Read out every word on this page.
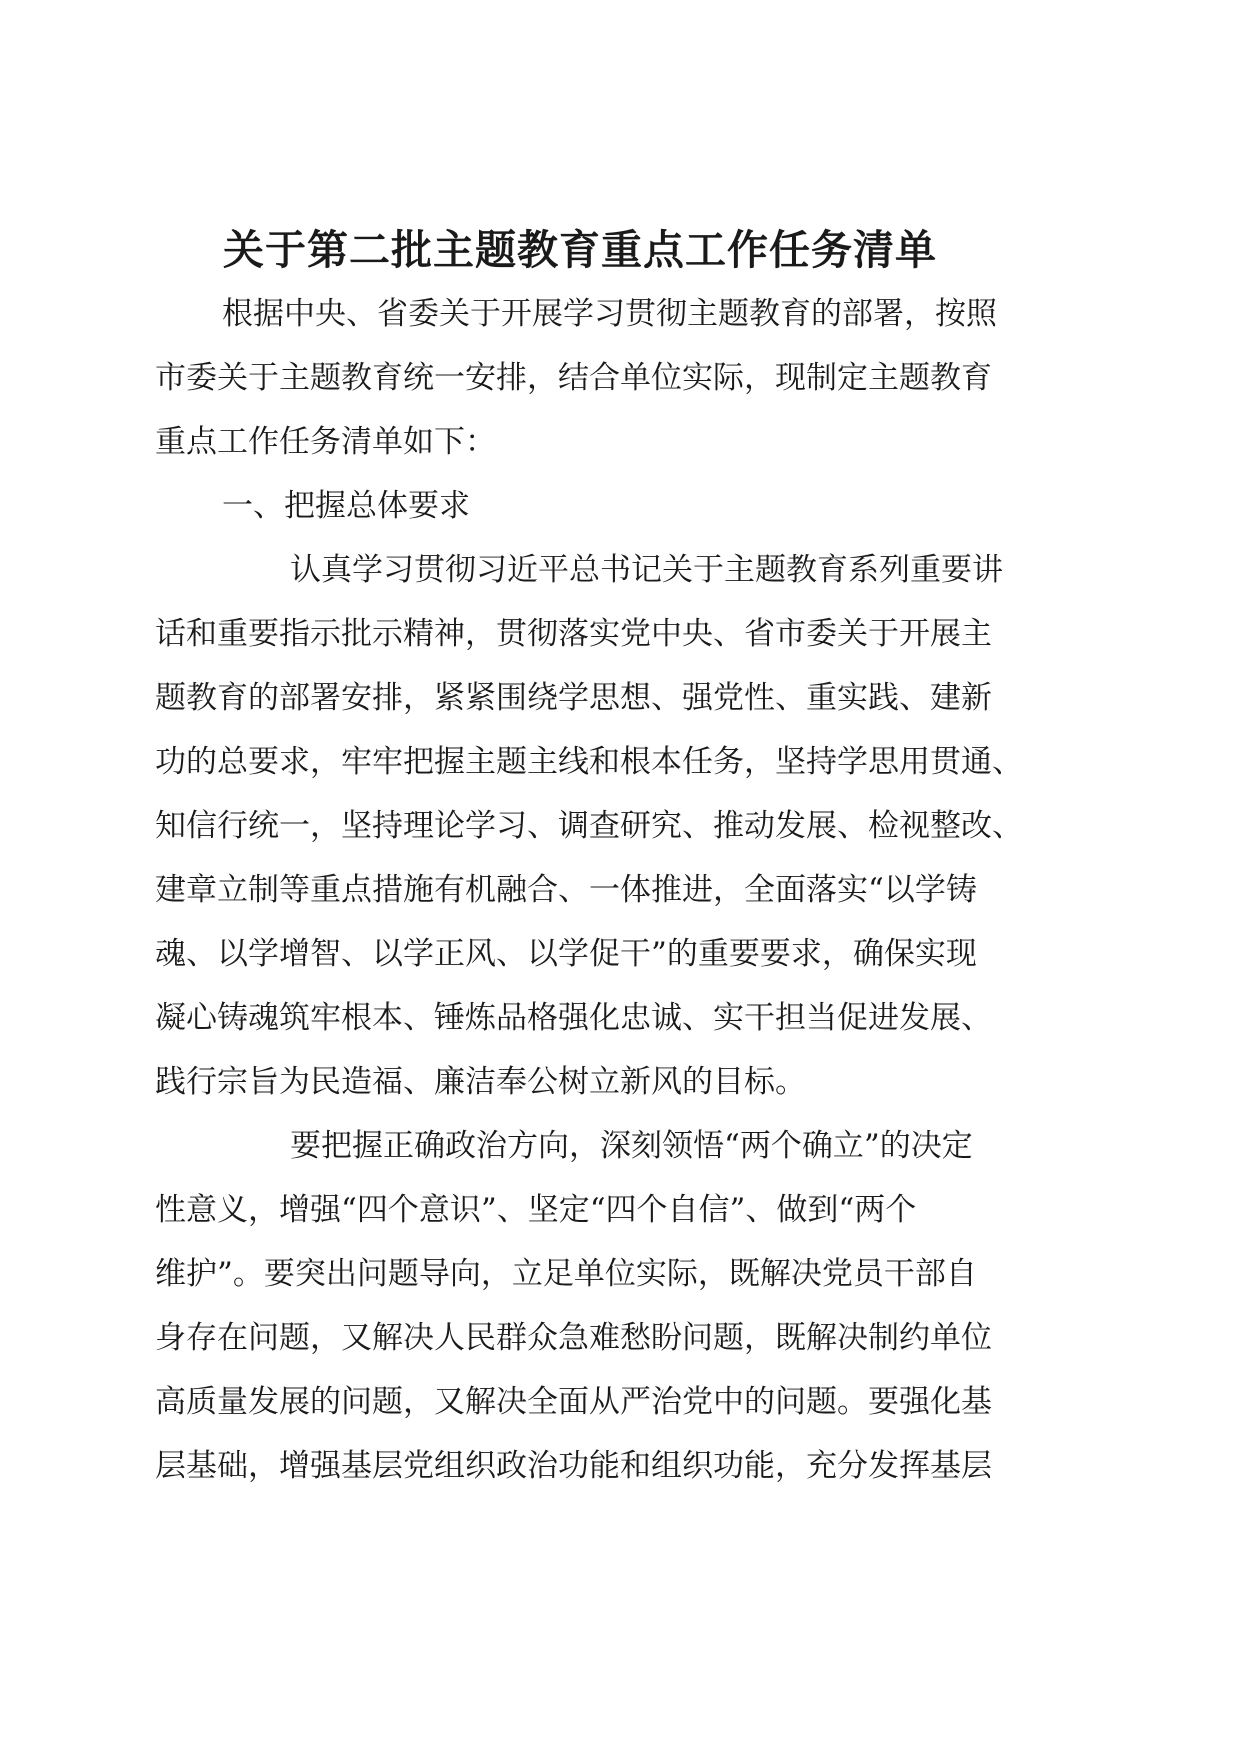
关于第二批主题教育重点工作任务清单

根据中央、省委关于开展学习贯彻主题教育的部署，按照

市委关于主题教育统一安排，结合单位实际，现制定主题教育

重点工作任务清单如下：

一、把握总体要求

认真学习贯彻习近平总书记关于主题教育系列重要讲

话和重要指示批示精神，贯彻落实党中央、省市委关于开展主

题教育的部署安排，紧紧围绕学思想、强党性、重实践、建新

功的总要求，牢牢把握主题主线和根本任务，坚持学思用贯通、

知信行统一，坚持理论学习、调查研究、推动发展、检视整改、

建章立制等重点措施有机融合、一体推进，全面落实“以学铸

魂、以学增智、以学正风、以学促干”的重要要求，确保实现

凝心铸魂筑牢根本、锤炼品格强化忠诚、实干担当促进发展、

践行宗旨为民造福、廉洁奉公树立新风的目标。

要把握正确政治方向，深刻领悟“两个确立”的决定

性意义，增强“四个意识”、坚定“四个自信”、做到“两个

维护”。要突出问题导向，立足单位实际，既解决党员干部自

身存在问题，又解决人民群众急难愁盼问题，既解决制约单位

高质量发展的问题，又解决全面从严治党中的问题。要强化基

层基础，增强基层党组织政治功能和组织功能，充分发挥基层
